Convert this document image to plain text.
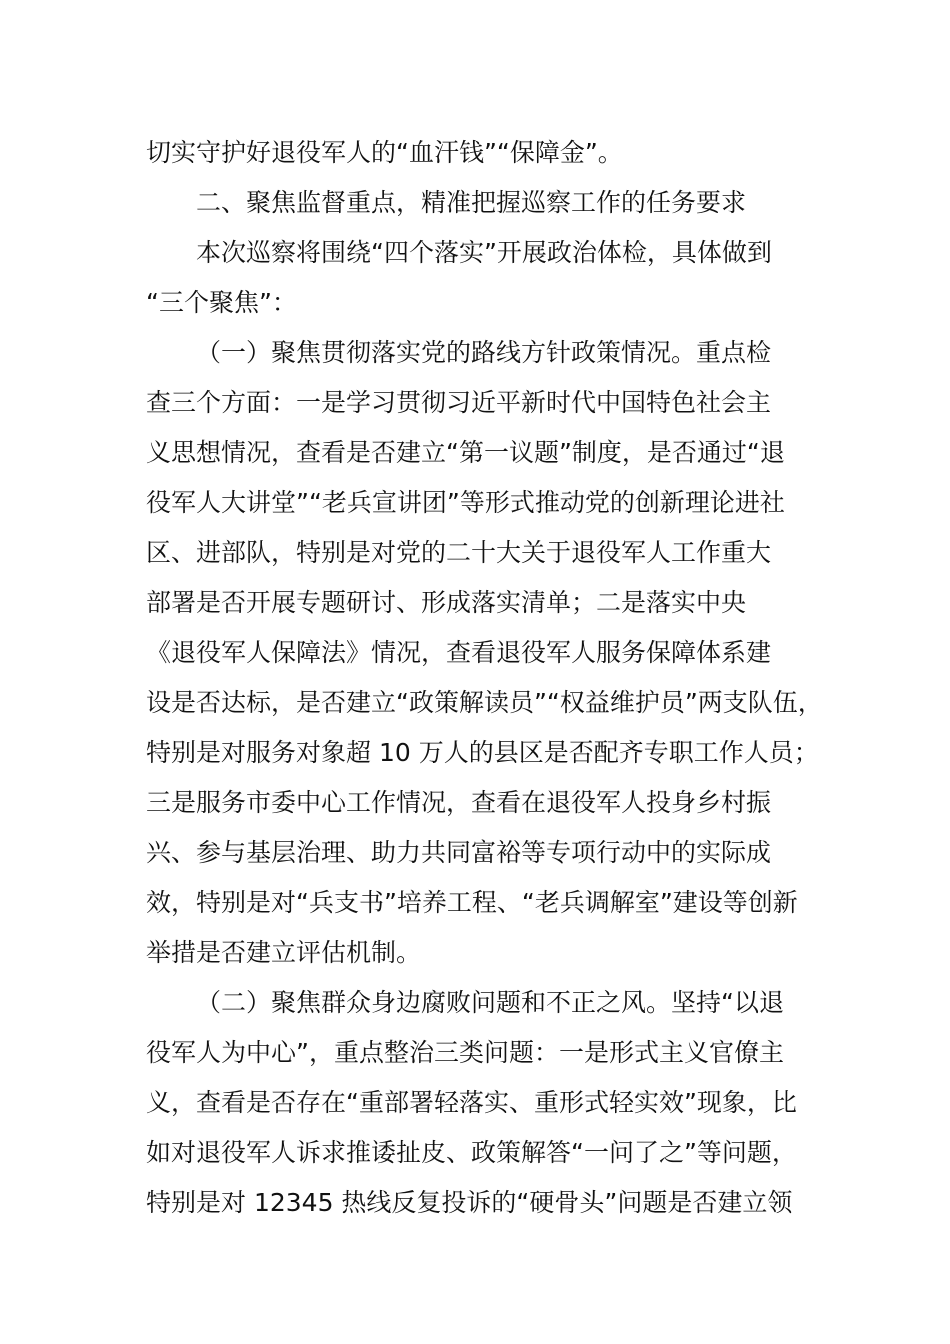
切实守护好退役军人的“血汗钱”“保障金”。
二、聚焦监督重点，精准把握巡察工作的任务要求
本次巡察将围绕“四个落实”开展政治体检，具体做到
“三个聚焦”：
（一）聚焦贯彻落实党的路线方针政策情况。重点检
查三个方面：一是学习贯彻习近平新时代中国特色社会主
义思想情况，查看是否建立“第一议题”制度，是否通过“退
役军人大讲堂”“老兵宣讲团”等形式推动党的创新理论进社
区、进部队，特别是对党的二十大关于退役军人工作重大
部署是否开展专题研讨、形成落实清单；二是落实中央
《退役军人保障法》情况，查看退役军人服务保障体系建
设是否达标，是否建立“政策解读员”“权益维护员”两支队伍，
特别是对服务对象超 10 万人的县区是否配齐专职工作人员；
三是服务市委中心工作情况，查看在退役军人投身乡村振
兴、参与基层治理、助力共同富裕等专项行动中的实际成
效，特别是对“兵支书”培养工程、“老兵调解室”建设等创新
举措是否建立评估机制。
（二）聚焦群众身边腐败问题和不正之风。坚持“以退
役军人为中心”，重点整治三类问题：一是形式主义官僚主
义，查看是否存在“重部署轻落实、重形式轻实效”现象，比
如对退役军人诉求推诿扯皮、政策解答“一问了之”等问题，
特别是对 12345 热线反复投诉的“硬骨头”问题是否建立领
